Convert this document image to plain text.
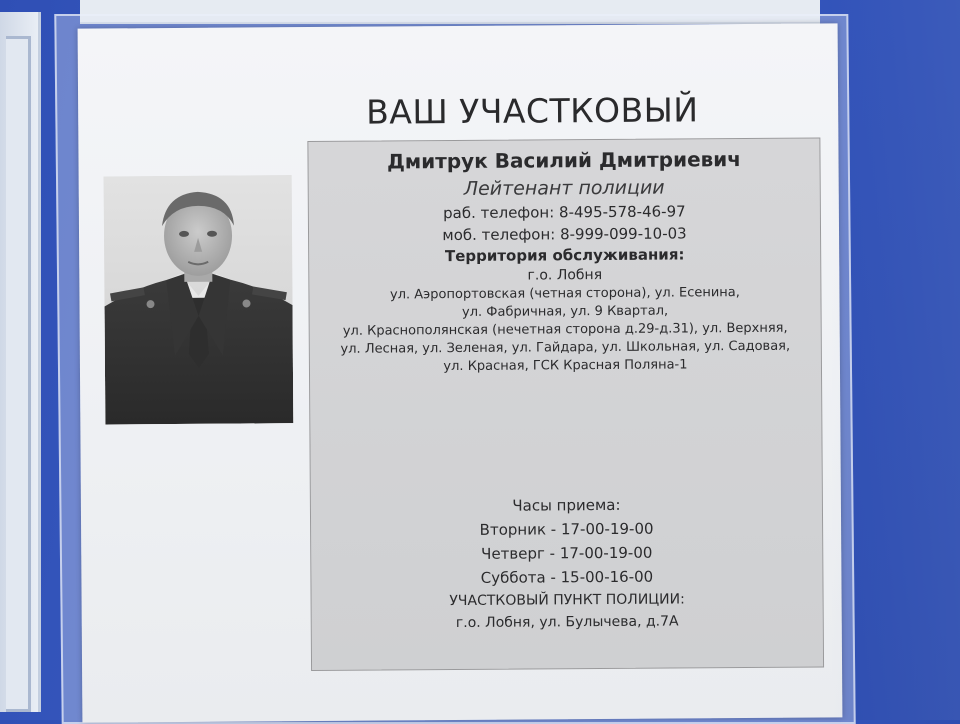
ВАШ УЧАСТКОВЫЙ
Дмитрук Василий Дмитриевич
Лейтенант полиции
раб. телефон: 8-495-578-46-97
моб. телефон: 8-999-099-10-03
Территория обслуживания:
г.о. Лобня
ул. Аэропортовская (четная сторона), ул. Есенина,
ул. Фабричная, ул. 9 Квартал,
ул. Краснополянская (нечетная сторона д.29-д.31), ул. Верхняя,
ул. Лесная, ул. Зеленая, ул. Гайдара, ул. Школьная, ул. Садовая,
ул. Красная, ГСК Красная Поляна-1
Часы приема:
Вторник - 17-00-19-00
Четверг - 17-00-19-00
Суббота - 15-00-16-00
УЧАСТКОВЫЙ ПУНКТ ПОЛИЦИИ:
г.о. Лобня, ул. Булычева, д.7А
